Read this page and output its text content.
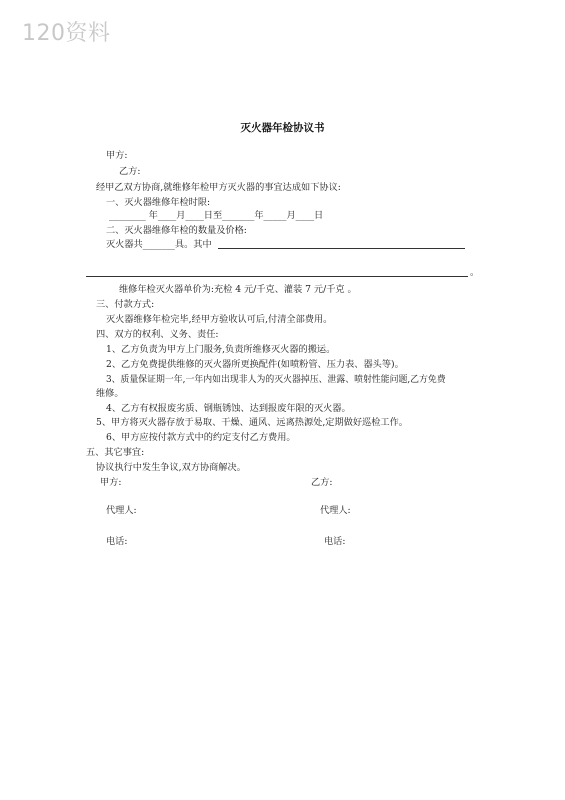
120资料
灭火器年检协议书
甲方:
乙方:
经甲乙双方协商,就维修年检甲方灭火器的事宜达成如下协议:
一、灭火器维修年检时限:
________ 年____月____日至_______年_____月____日
二、灭火器维修年检的数量及价格:
灭火器共_______具。其中
。
维修年检灭火器单价为:充检 4 元/千克、灌装 7 元/千克 。
三、付款方式:
灭火器维修年检完毕,经甲方验收认可后,付清全部费用。
四、双方的权利、义务、责任:
1、乙方负责为甲方上门服务,负责所维修灭火器的搬运。
2、乙方免费提供维修的灭火器所更换配件(如喷粉管、压力表、器头等)。
3、质量保证期一年,一年内如出现非人为的灭火器掉压、泄露、喷射性能问题,乙方免费
维修。
4、乙方有权报废劣质、钢瓶锈蚀、达到报废年限的灭火器。
5、甲方将灭火器存放于易取、干燥、通风、远离热源处,定期做好巡检工作。
6、甲方应按付款方式中的约定支付乙方费用。
五、其它事宜:
协议执行中发生争议,双方协商解决。
甲方:	乙方:
代理人:	代理人:
电话:	电话:
